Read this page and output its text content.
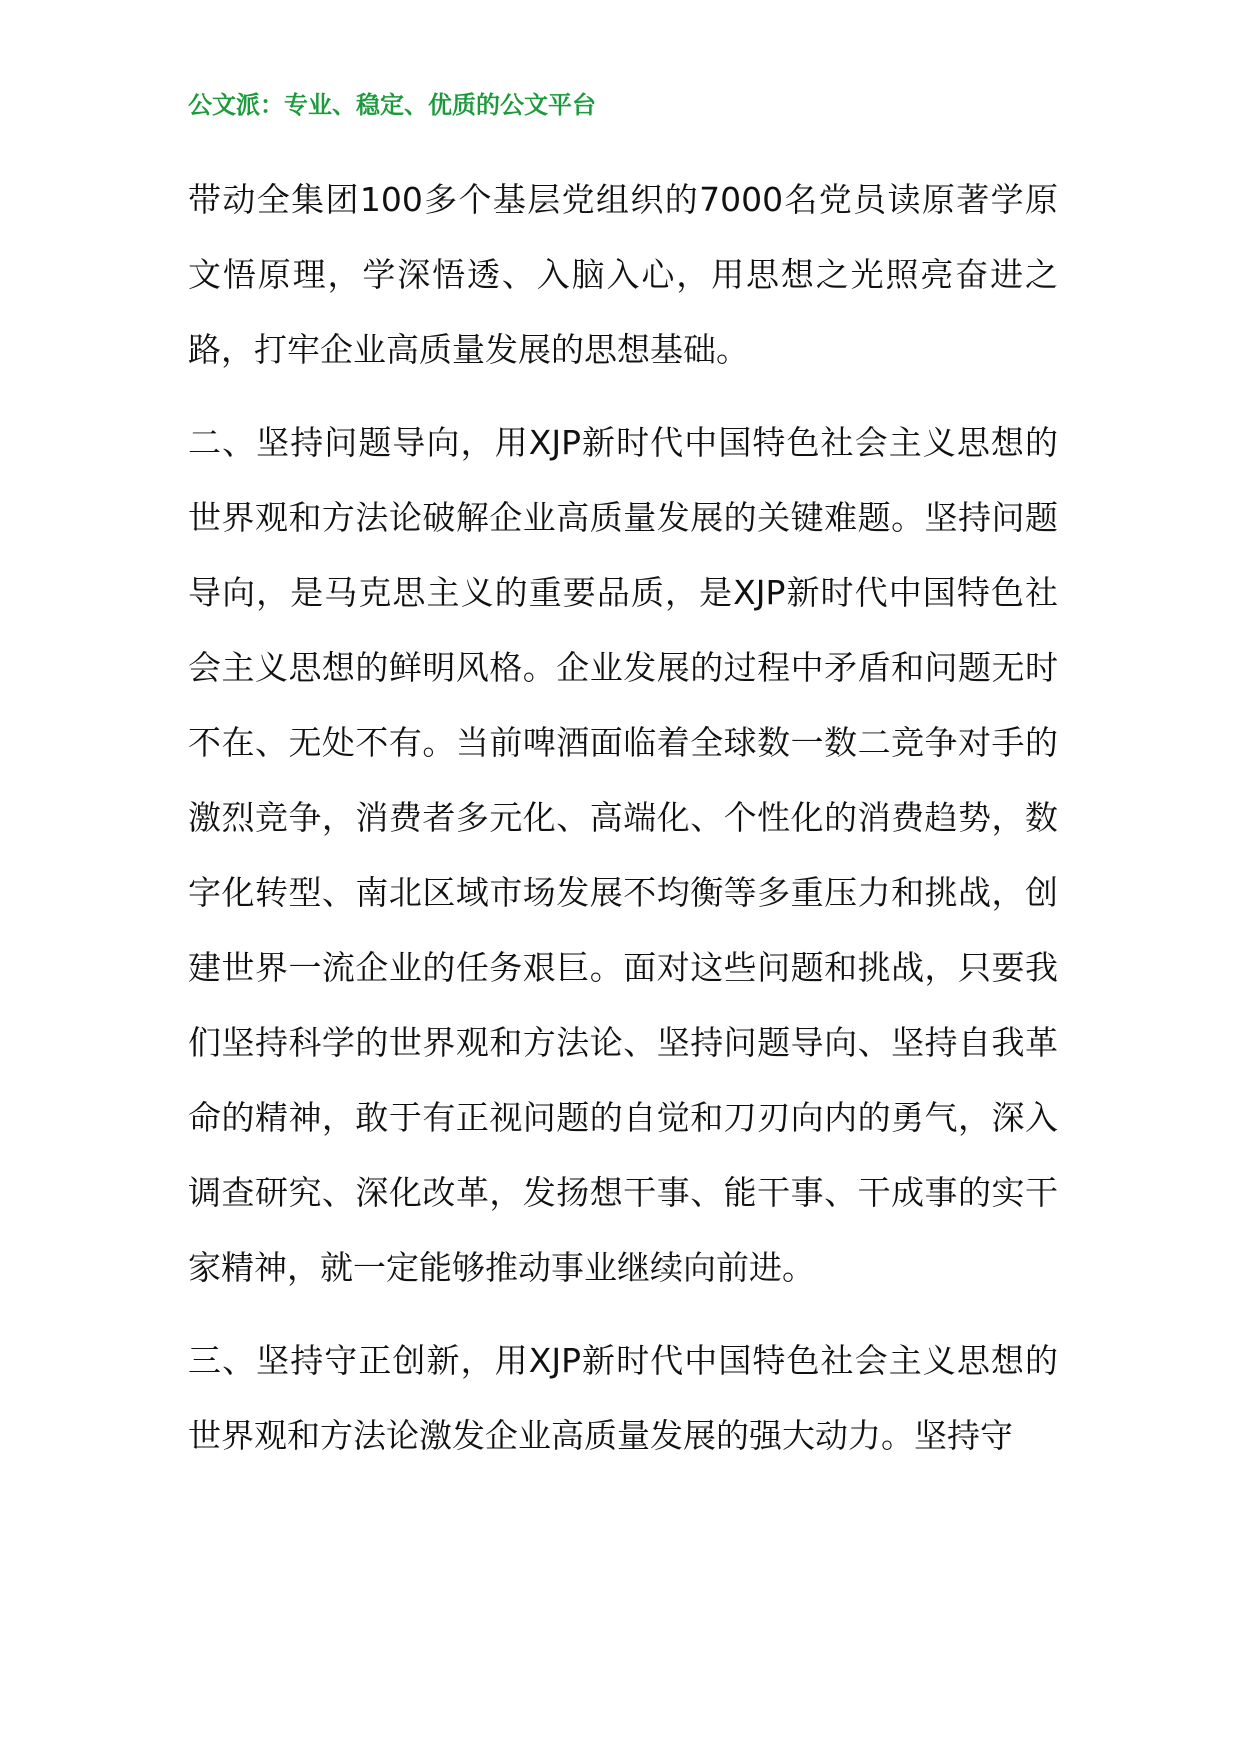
公文派：专业、稳定、优质的公文平台

带动全集团100多个基层党组织的7000名党员读原著学原文悟原理，学深悟透、入脑入心，用思想之光照亮奋进之路，打牢企业高质量发展的思想基础。

二、坚持问题导向，用XJP新时代中国特色社会主义思想的世界观和方法论破解企业高质量发展的关键难题。坚持问题导向，是马克思主义的重要品质，是XJP新时代中国特色社会主义思想的鲜明风格。企业发展的过程中矛盾和问题无时不在、无处不有。当前啤酒面临着全球数一数二竞争对手的激烈竞争，消费者多元化、高端化、个性化的消费趋势，数字化转型、南北区域市场发展不均衡等多重压力和挑战，创建世界一流企业的任务艰巨。面对这些问题和挑战，只要我们坚持科学的世界观和方法论、坚持问题导向、坚持自我革命的精神，敢于有正视问题的自觉和刀刃向内的勇气，深入调查研究、深化改革，发扬想干事、能干事、干成事的实干家精神，就一定能够推动事业继续向前进。

三、坚持守正创新，用XJP新时代中国特色社会主义思想的世界观和方法论激发企业高质量发展的强大动力。坚持守
